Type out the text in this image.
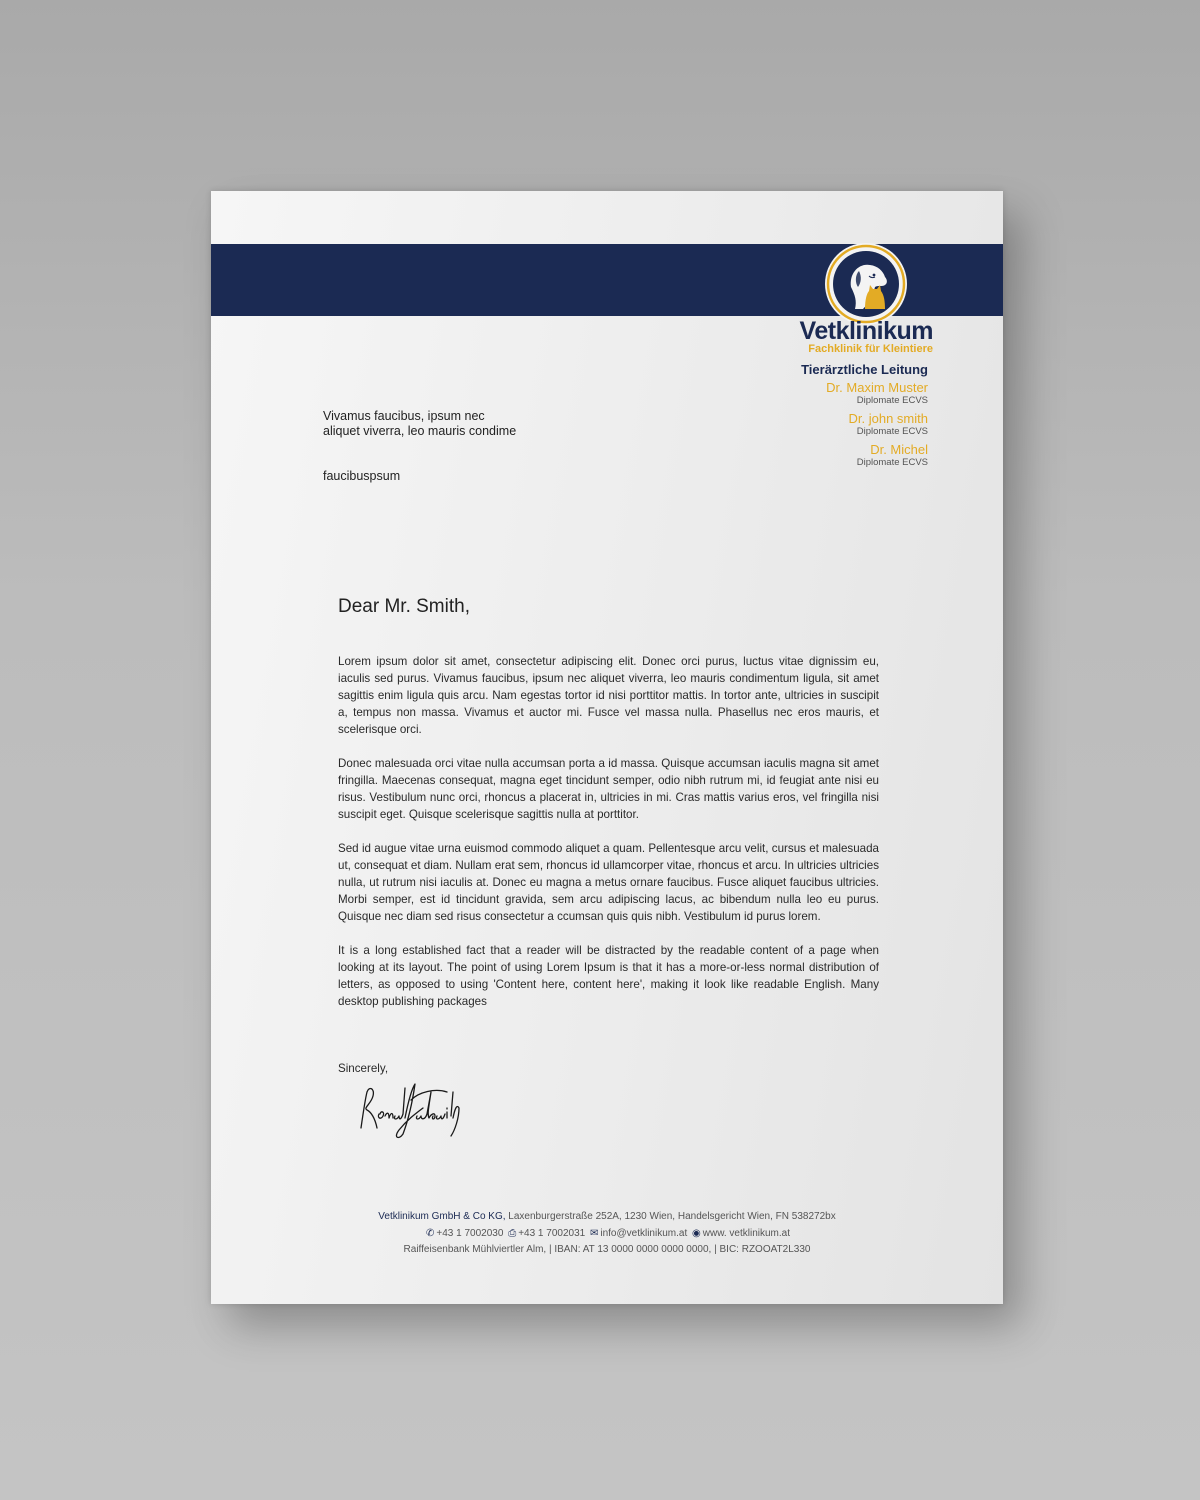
Vetklinikum
Fachklinik für Kleintiere
Tierärztliche Leitung
Dr. Maxim Muster
Diplomate ECVS
Dr. john smith
Diplomate ECVS
Dr. Michel
Diplomate ECVS
Vivamus faucibus, ipsum nec
aliquet viverra, leo mauris condime
faucibuspsum
Dear Mr. Smith,

Lorem ipsum dolor sit amet, consectetur adipiscing elit. Donec orci purus, luctus vitae dignissim eu, iaculis sed purus. Vivamus faucibus, ipsum nec aliquet viverra, leo mauris condimentum ligula, sit amet sagittis enim ligula quis arcu. Nam egestas tortor id nisi porttitor mattis. In tortor ante, ultricies in suscipit a, tempus non massa. Vivamus et auctor mi. Fusce vel massa nulla. Phasellus nec eros mauris, et scelerisque orci.

Donec malesuada orci vitae nulla accumsan porta a id massa. Quisque accumsan iaculis magna sit amet fringilla. Maecenas consequat, magna eget tincidunt semper, odio nibh rutrum mi, id feugiat ante nisi eu risus. Vestibulum nunc orci, rhoncus a placerat in, ultricies in mi. Cras mattis varius eros, vel fringilla nisi suscipit eget. Quisque scelerisque sagittis nulla at porttitor.

Sed id augue vitae urna euismod commodo aliquet a quam. Pellentesque arcu velit, cursus et malesuada ut, consequat et diam. Nullam erat sem, rhoncus id ullamcorper vitae, rhoncus et arcu. In ultricies ultricies nulla, ut rutrum nisi iaculis at. Donec eu magna a metus ornare faucibus. Fusce aliquet faucibus ultricies. Morbi semper, est id tincidunt gravida, sem arcu adipiscing lacus, ac bibendum nulla leo eu purus. Quisque nec diam sed risus consectetur a ccumsan quis quis nibh. Vestibulum id purus lorem.

It is a long established fact that a reader will be distracted by the readable content of a page when looking at its layout. The point of using Lorem Ipsum is that it has a more-or-less normal distribution of letters, as opposed to using 'Content here, content here', making it look like readable English. Many desktop publishing packages

Sincerely,
Vetklinikum GmbH & Co KG, Laxenburgerstraße 252A, 1230 Wien, Handelsgericht Wien, FN 538272bx
✆ +43 1 7002030 ⎙ +43 1 7002031 ✉ info@vetklinikum.at ◉ www. vetklinikum.at
Raiffeisenbank Mühlviertler Alm, | IBAN: AT 13 0000 0000 0000 0000, | BIC: RZOOAT2L330
